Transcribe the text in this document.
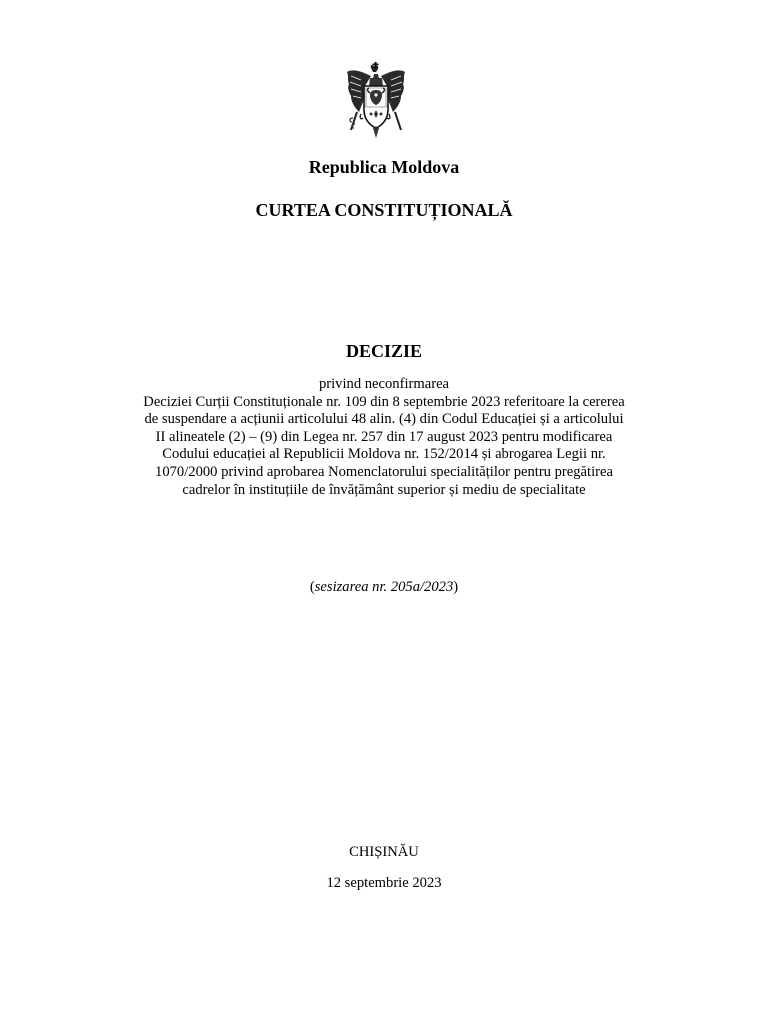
Republica Moldova
CURTEA CONSTITUȚIONALĂ
DECIZIE
privind neconfirmarea
Deciziei Curții Constituționale nr. 109 din 8 septembrie 2023 referitoare la cererea
de suspendare a acțiunii articolului 48 alin. (4) din Codul Educației și a articolului
II alineatele (2) – (9) din Legea nr. 257 din 17 august 2023 pentru modificarea
Codului educației al Republicii Moldova nr. 152/2014 și abrogarea Legii nr.
1070/2000 privind aprobarea Nomenclatorului specialităților pentru pregătirea
cadrelor în instituțiile de învățământ superior și mediu de specialitate
(sesizarea nr. 205a/2023)
CHIȘINĂU
12 septembrie 2023
